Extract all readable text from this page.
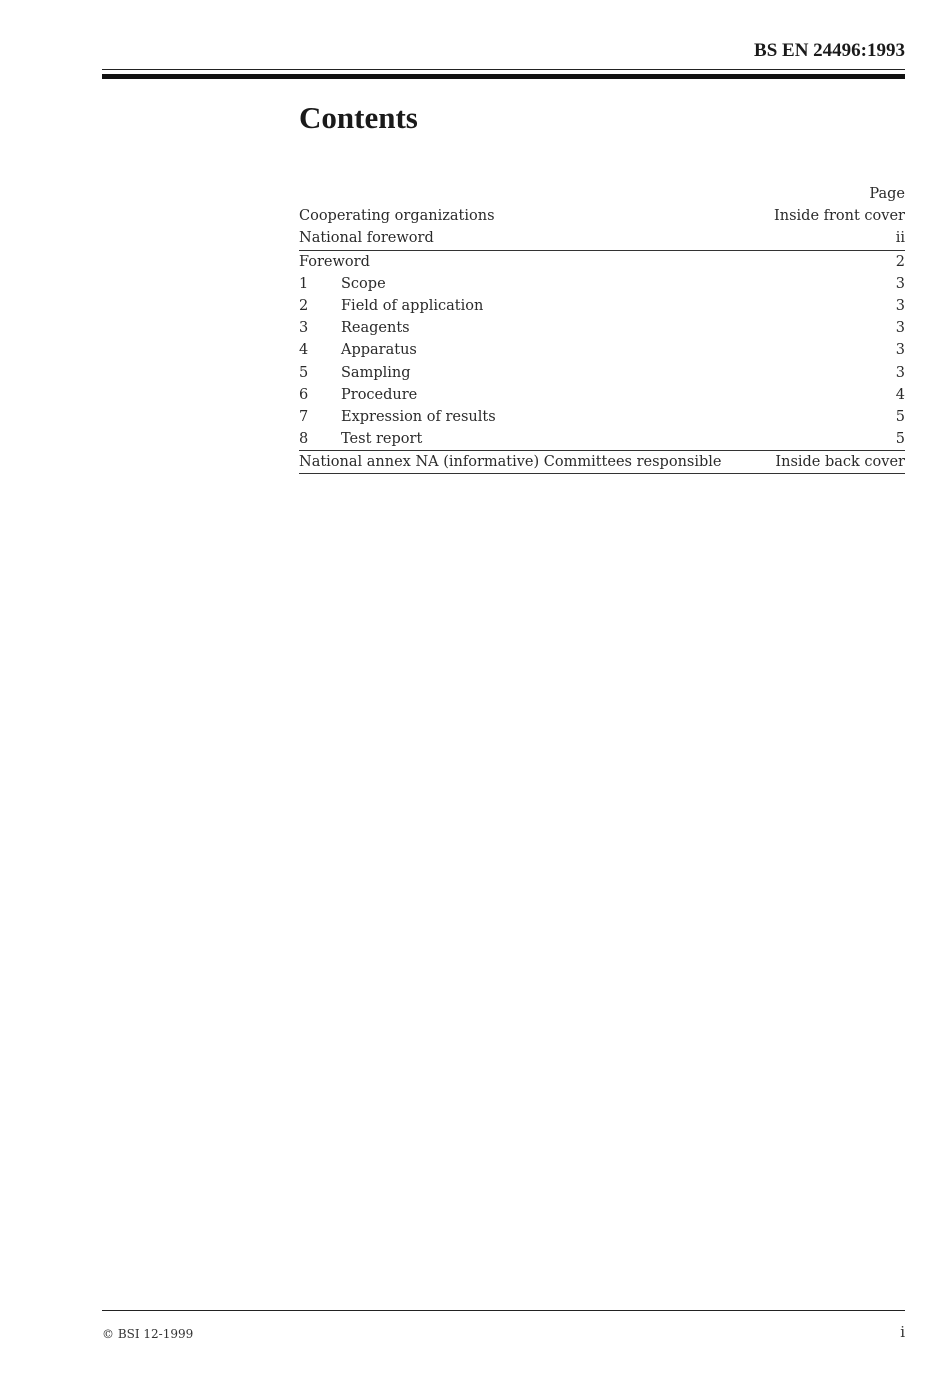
BS EN 24496:1993
Contents
Page
Cooperating organizations	Inside front cover
National foreword	ii
Foreword	2
1	Scope	3
2	Field of application	3
3	Reagents	3
4	Apparatus	3
5	Sampling	3
6	Procedure	4
7	Expression of results	5
8	Test report	5
National annex NA (informative) Committees responsible	Inside back cover
© BSI 12-1999	i
